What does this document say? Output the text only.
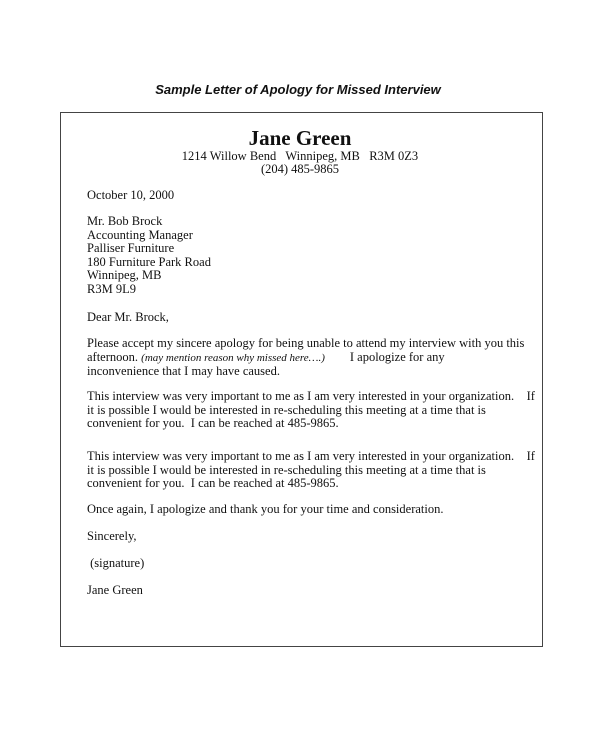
Sample Letter of Apology for Missed Interview
Jane Green
1214 Willow Bend   Winnipeg, MB   R3M 0Z3
(204) 485-9865
October 10, 2000
Mr. Bob Brock
Accounting Manager
Palliser Furniture
180 Furniture Park Road
Winnipeg, MB
R3M 9L9
Dear Mr. Brock,
Please accept my sincere apology for being unable to attend my interview with you this
afternoon. (may mention reason why missed here….)        I apologize for any
inconvenience that I may have caused.
This interview was very important to me as I am very interested in your organization.    If
it is possible I would be interested in re-scheduling this meeting at a time that is
convenient for you.  I can be reached at 485-9865.
This interview was very important to me as I am very interested in your organization.    If
it is possible I would be interested in re-scheduling this meeting at a time that is
convenient for you.  I can be reached at 485-9865.
Once again, I apologize and thank you for your time and consideration.
Sincerely,
(signature)
Jane Green
